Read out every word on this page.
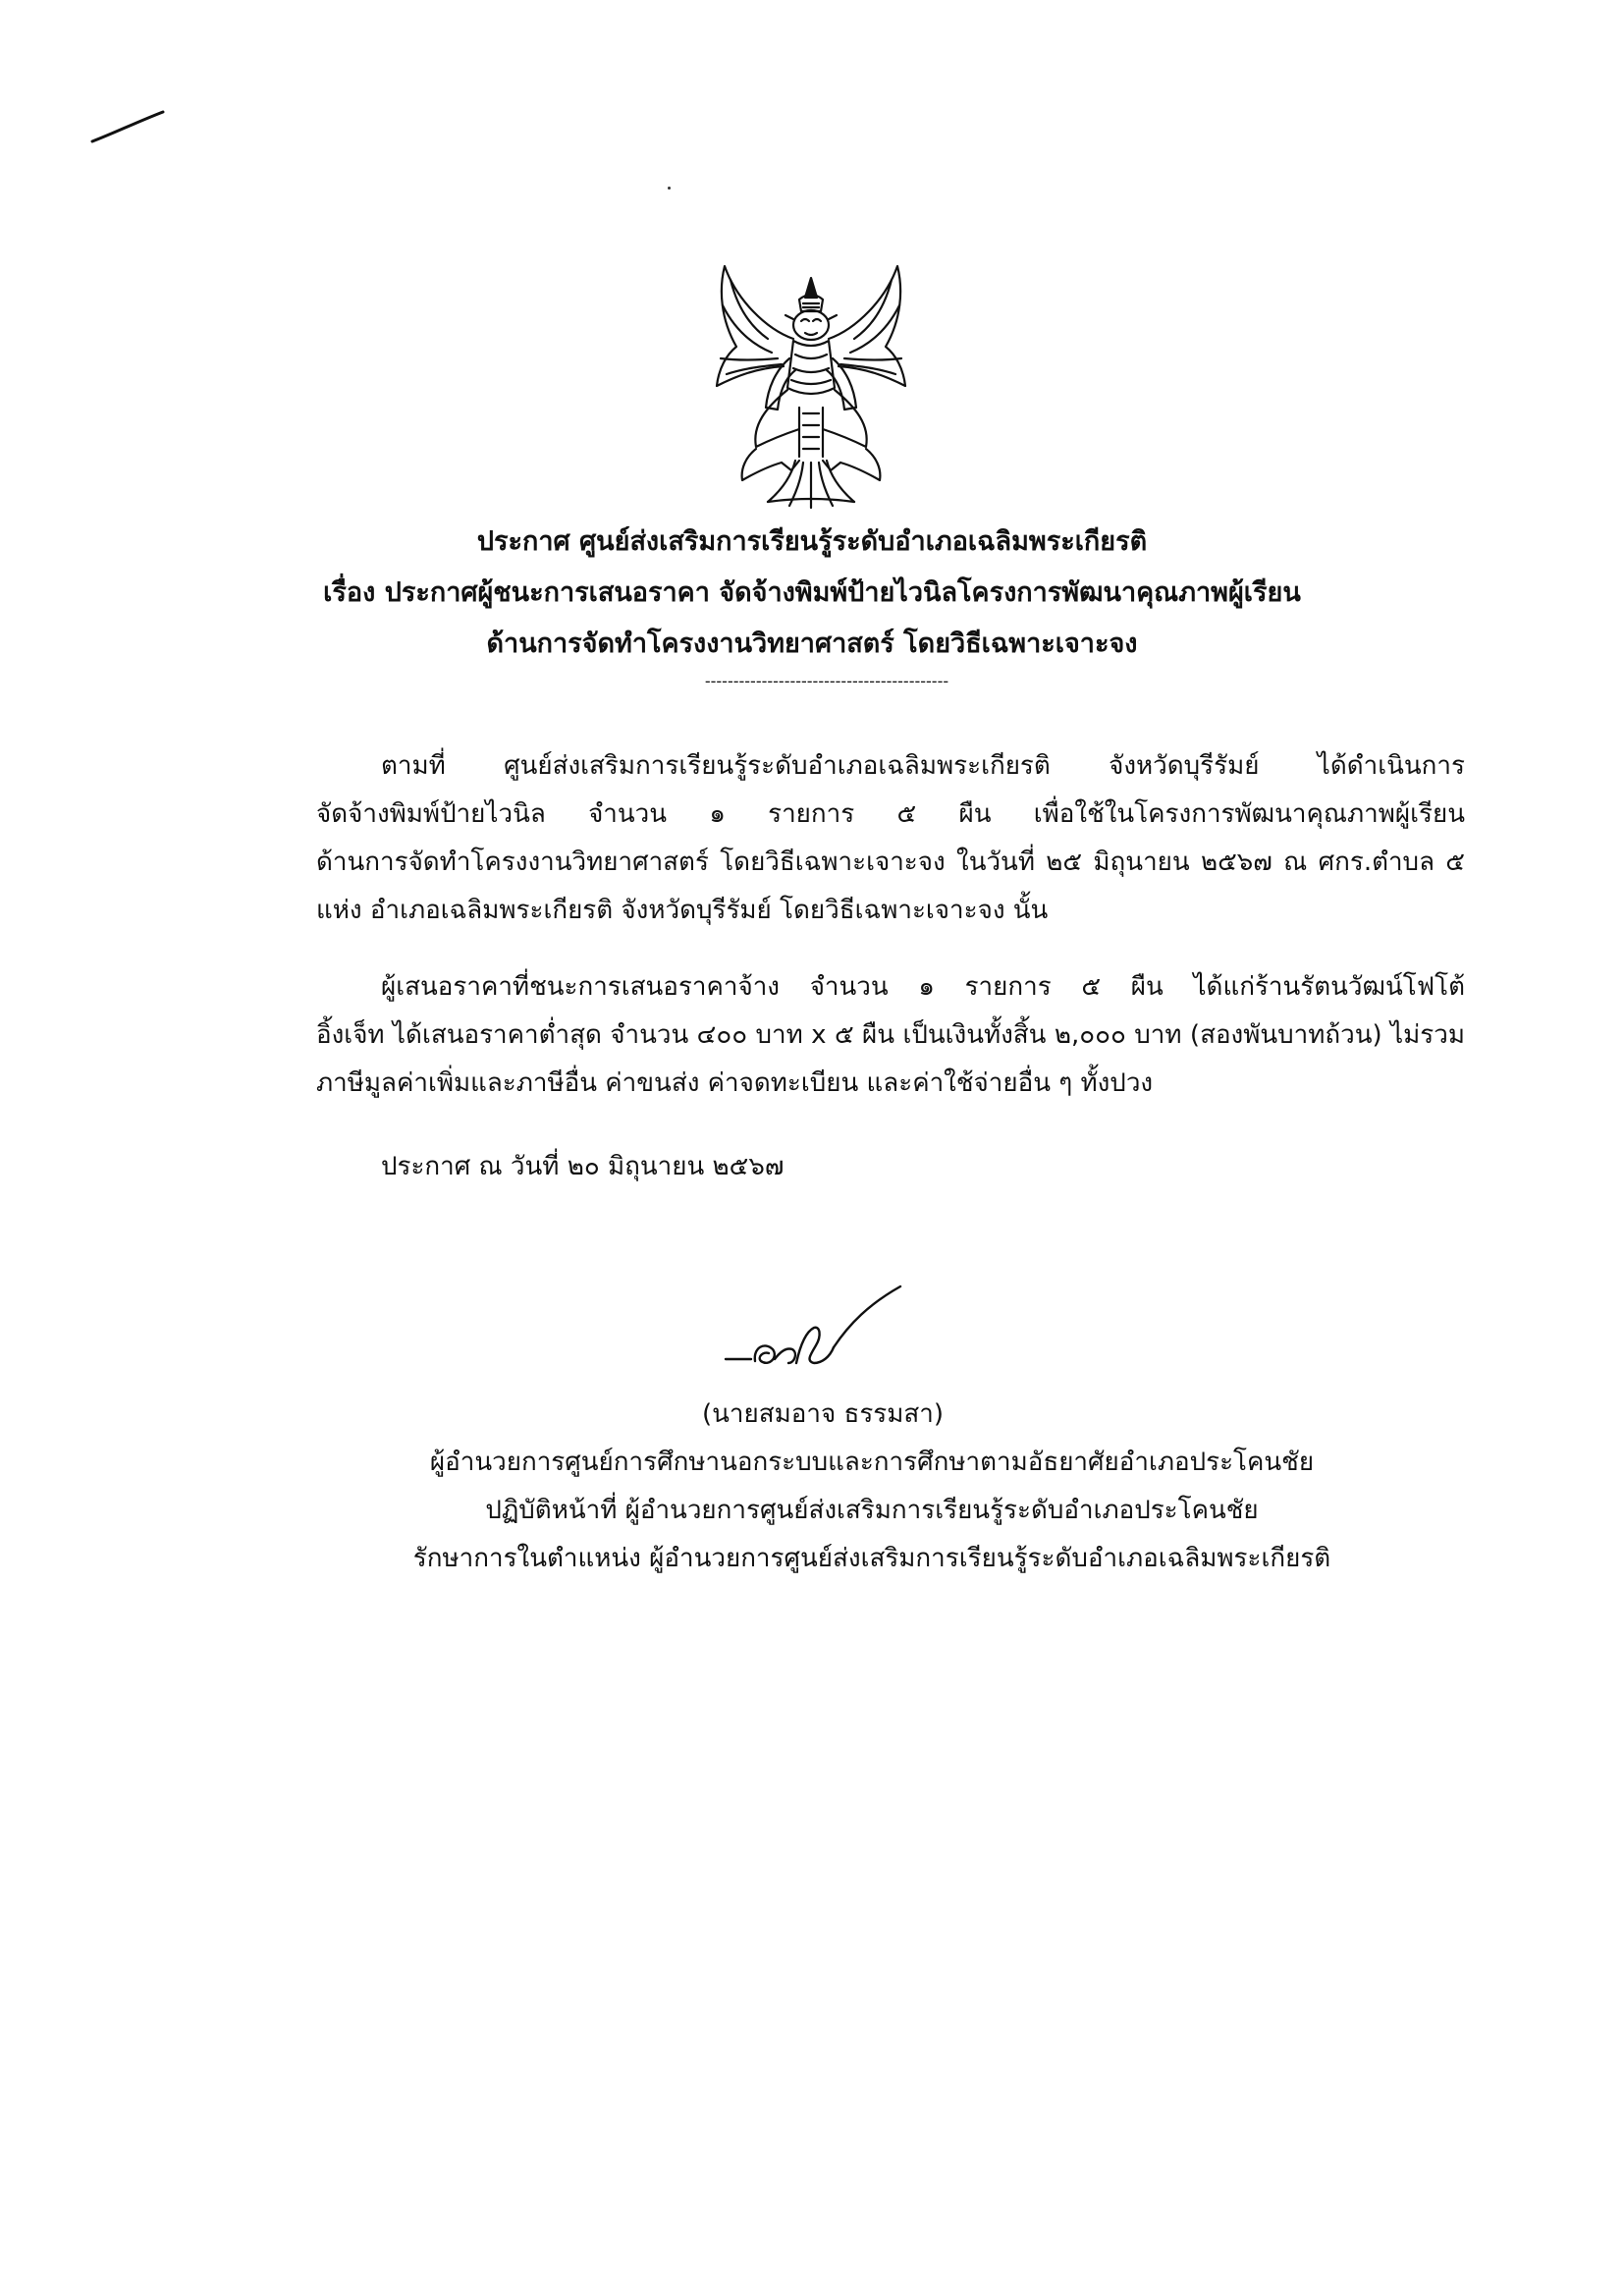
ประกาศ ศูนย์ส่งเสริมการเรียนรู้ระดับอำเภอเฉลิมพระเกียรติ
เรื่อง ประกาศผู้ชนะการเสนอราคา จัดจ้างพิมพ์ป้ายไวนิลโครงการพัฒนาคุณภาพผู้เรียน
ด้านการจัดทำโครงงานวิทยาศาสตร์ โดยวิธีเฉพาะเจาะจง
-------------------------------------------
ตามที่ ศูนย์ส่งเสริมการเรียนรู้ระดับอำเภอเฉลิมพระเกียรติ จังหวัดบุรีรัมย์ ได้ดำเนินการ
จัดจ้างพิมพ์ป้ายไวนิล จำนวน ๑ รายการ ๕ ผืน เพื่อใช้ในโครงการพัฒนาคุณภาพผู้เรียน
ด้านการจัดทำโครงงานวิทยาศาสตร์ โดยวิธีเฉพาะเจาะจง ในวันที่ ๒๕ มิถุนายน ๒๕๖๗ ณ ศกร.ตำบล ๕
แห่ง อำเภอเฉลิมพระเกียรติ จังหวัดบุรีรัมย์ โดยวิธีเฉพาะเจาะจง นั้น
ผู้เสนอราคาที่ชนะการเสนอราคาจ้าง จำนวน ๑ รายการ ๕ ผืน ได้แก่ร้านรัตนวัฒน์โฟโต้
อิ้งเจ็ท ได้เสนอราคาต่ำสุด จำนวน ๔๐๐ บาท x ๕ ผืน เป็นเงินทั้งสิ้น ๒,๐๐๐ บาท (สองพันบาทถ้วน) ไม่รวม
ภาษีมูลค่าเพิ่มและภาษีอื่น ค่าขนส่ง ค่าจดทะเบียน และค่าใช้จ่ายอื่น ๆ ทั้งปวง
ประกาศ ณ วันที่ ๒๐ มิถุนายน ๒๕๖๗
(นายสมอาจ ธรรมสา)
ผู้อำนวยการศูนย์การศึกษานอกระบบและการศึกษาตามอัธยาศัยอำเภอประโคนชัย
ปฏิบัติหน้าที่ ผู้อำนวยการศูนย์ส่งเสริมการเรียนรู้ระดับอำเภอประโคนชัย
รักษาการในตำแหน่ง ผู้อำนวยการศูนย์ส่งเสริมการเรียนรู้ระดับอำเภอเฉลิมพระเกียรติ
